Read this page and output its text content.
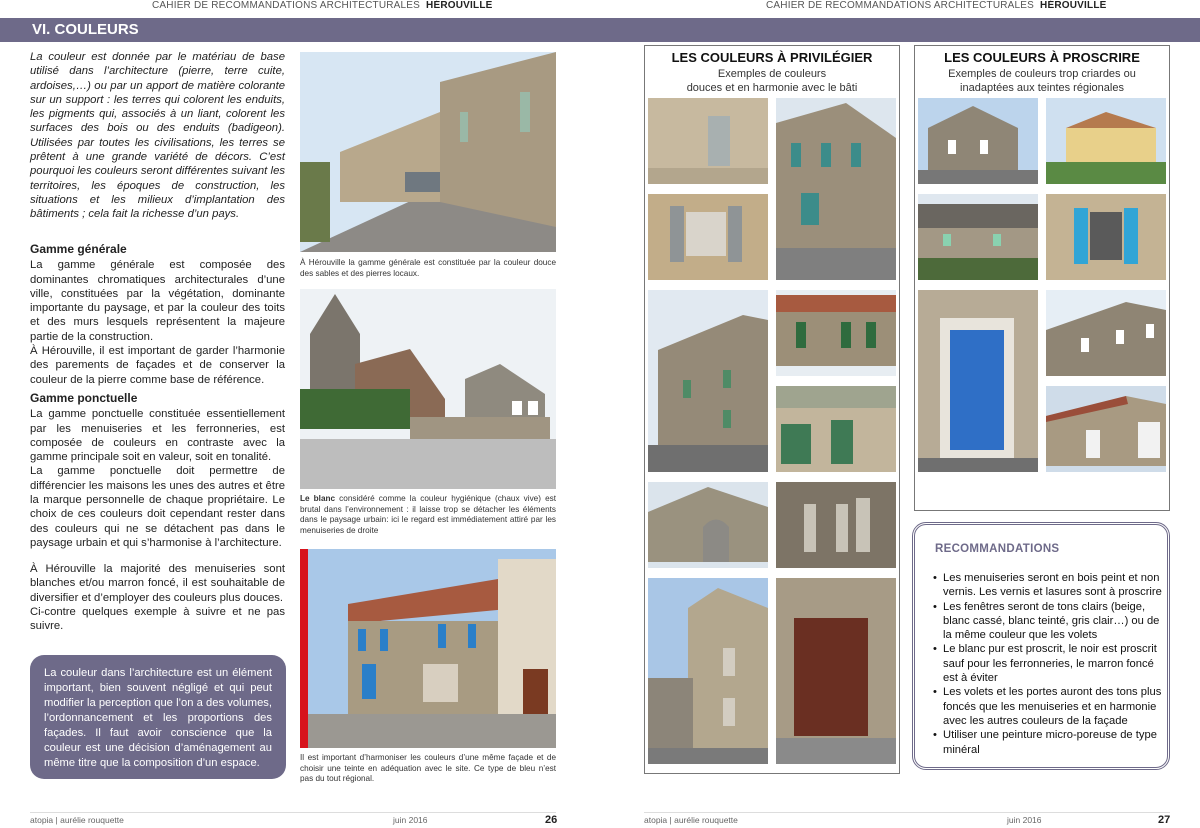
CAHIER DE RECOMMANDATIONS ARCHITECTURALES HÉROUVILLE	CAHIER DE RECOMMANDATIONS ARCHITECTURALES HÉROUVILLE
VI. COULEURS
La couleur est donnée par le matériau de base utilisé dans l’architecture (pierre, terre cuite, ardoises,…) ou par un apport de matière colorante sur un support : les terres qui colorent les enduits, les pigments qui, associés à un liant, colorent les surfaces des bois ou des enduits (badigeon). Utilisées par toutes les civilisations, les terres se prêtent à une grande variété de décors. C’est pourquoi les couleurs seront différentes suivant les territoires, les époques de construction, les situations et les milieux d’implantation des bâtiments ; cela fait la richesse d’un pays.
Gamme générale

La gamme générale est composée des dominantes chromatiques architecturales d’une ville, constituées par la végétation, dominante importante du paysage, et par la couleur des toits et des murs lesquels représentent la majeure partie de la construction.

À Hérouville, il est important de garder l’harmonie des parements de façades et de conserver la couleur de la pierre comme base de référence.

Gamme ponctuelle

La gamme ponctuelle constituée essentiellement par les menuiseries et les ferronneries, est composée de couleurs en contraste avec la gamme principale soit en valeur, soit en tonalité.

La gamme ponctuelle doit permettre de différencier les maisons les unes des autres et être la marque personnelle de chaque propriétaire. Le choix de ces couleurs doit cependant rester dans des couleurs qui ne se détachent pas dans le paysage urbain et qui s’harmonise à l’architecture.

À Hérouville la majorité des menuiseries sont blanches et/ou marron foncé, il est souhaitable de diversifier et d’employer des couleurs plus douces.

Ci-contre quelques exemple à suivre et ne pas suivre.

La couleur dans l’architecture est un élément important, bien souvent négligé et qui peut modifier la perception que l’on a des volumes, l’ordonnancement et les proportions des façades. Il faut avoir conscience que la couleur est une décision d’aménagement au même titre que la composition d’un espace.
À Hérouville la gamme générale est constituée par la couleur douce des sables et des pierres locaux.
Le blanc considéré comme la couleur hygiénique (chaux vive) est brutal dans l’environnement : il laisse trop se détacher les éléments dans le paysage urbain: ici le regard est immédiatement attiré par les menuiseries de droite
Il est important d’harmoniser les couleurs d’une même façade et de choisir une teinte en adéquation avec le site. Ce type de bleu n’est pas du tout régional.
LES COULEURS À PRIVILÉGIER
Exemples de couleurs
douces et en harmonie avec le bâti
LES COULEURS À PROSCRIRE
Exemples de couleurs trop criardes ou
inadaptées aux teintes régionales
RECOMMANDATIONS
• Les menuiseries seront en bois peint et non vernis. Les vernis et lasures sont à proscrire
• Les fenêtres seront de tons clairs (beige, blanc cassé, blanc teinté, gris clair…) ou de la même couleur que les volets
• Le blanc pur est proscrit, le noir est proscrit sauf pour les ferronneries, le marron foncé est à éviter
• Les volets et les portes auront des tons plus foncés que les menuiseries et en harmonie avec les autres couleurs de la façade
• Utiliser une peinture micro-poreuse de type minéral
atopia | aurélie rouquette	juin 2016	26	atopia | aurélie rouquette	juin 2016	27
